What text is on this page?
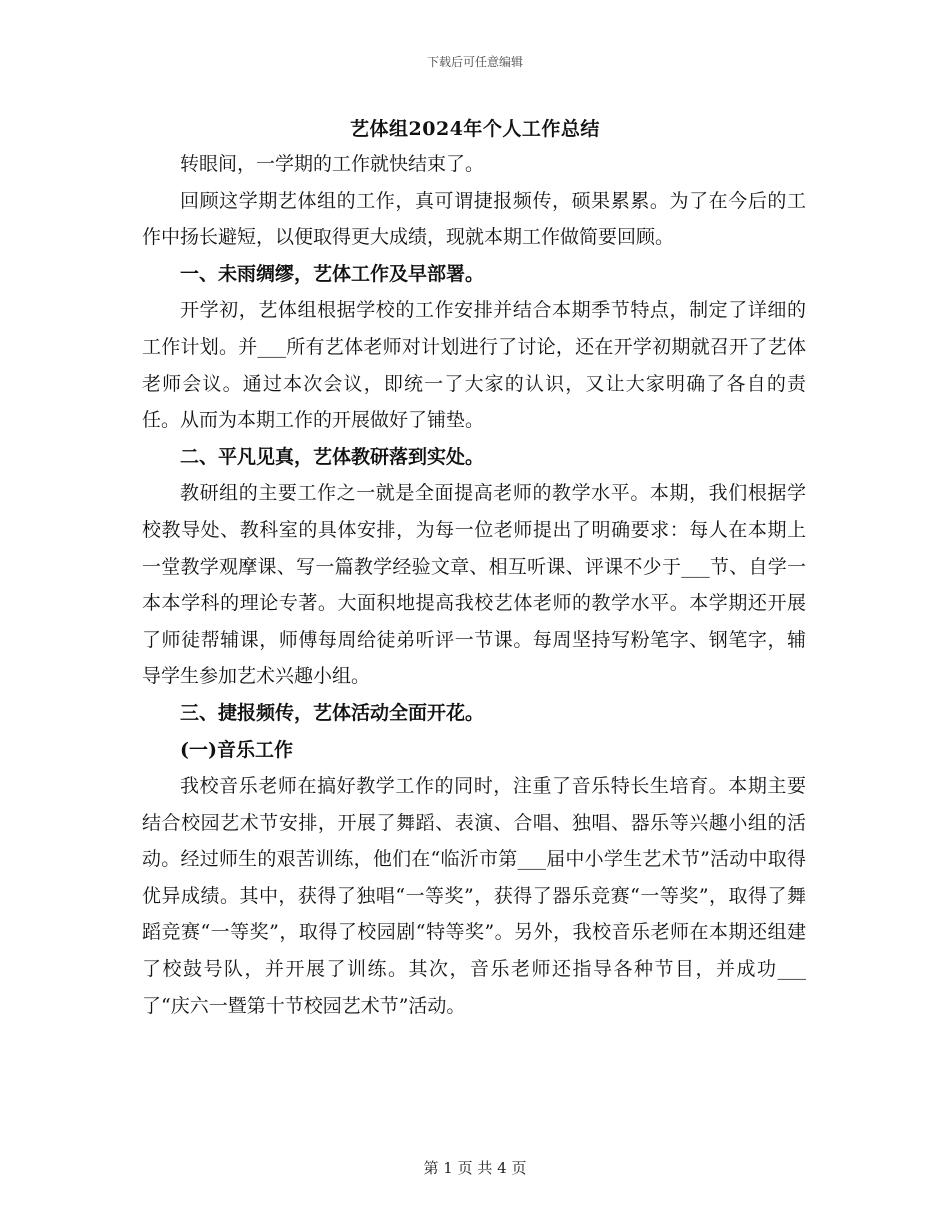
下载后可任意编辑
艺体组2024年个人工作总结

转眼间，一学期的工作就快结束了。

回顾这学期艺体组的工作，真可谓捷报频传，硕果累累。为了在今后的工作中扬长避短，以便取得更大成绩，现就本期工作做简要回顾。

一、未雨绸缪，艺体工作及早部署。

开学初，艺体组根据学校的工作安排并结合本期季节特点，制定了详细的工作计划。并___所有艺体老师对计划进行了讨论，还在开学初期就召开了艺体老师会议。通过本次会议，即统一了大家的认识，又让大家明确了各自的责任。从而为本期工作的开展做好了铺垫。

二、平凡见真，艺体教研落到实处。

教研组的主要工作之一就是全面提高老师的教学水平。本期，我们根据学校教导处、教科室的具体安排，为每一位老师提出了明确要求：每人在本期上一堂教学观摩课、写一篇教学经验文章、相互听课、评课不少于___节、自学一本本学科的理论专著。大面积地提高我校艺体老师的教学水平。本学期还开展了师徒帮辅课，师傅每周给徒弟听评一节课。每周坚持写粉笔字、钢笔字，辅导学生参加艺术兴趣小组。

三、捷报频传，艺体活动全面开花。

(一)音乐工作

我校音乐老师在搞好教学工作的同时，注重了音乐特长生培育。本期主要结合校园艺术节安排，开展了舞蹈、表演、合唱、独唱、器乐等兴趣小组的活动。经过师生的艰苦训练，他们在“临沂市第___届中小学生艺术节”活动中取得优异成绩。其中，获得了独唱“一等奖”，获得了器乐竞赛“一等奖”，取得了舞蹈竞赛“一等奖”，取得了校园剧“特等奖”。另外，我校音乐老师在本期还组建了校鼓号队，并开展了训练。其次，音乐老师还指导各种节目，并成功___了“庆六一暨第十节校园艺术节”活动。

第 1 页 共 4 页
